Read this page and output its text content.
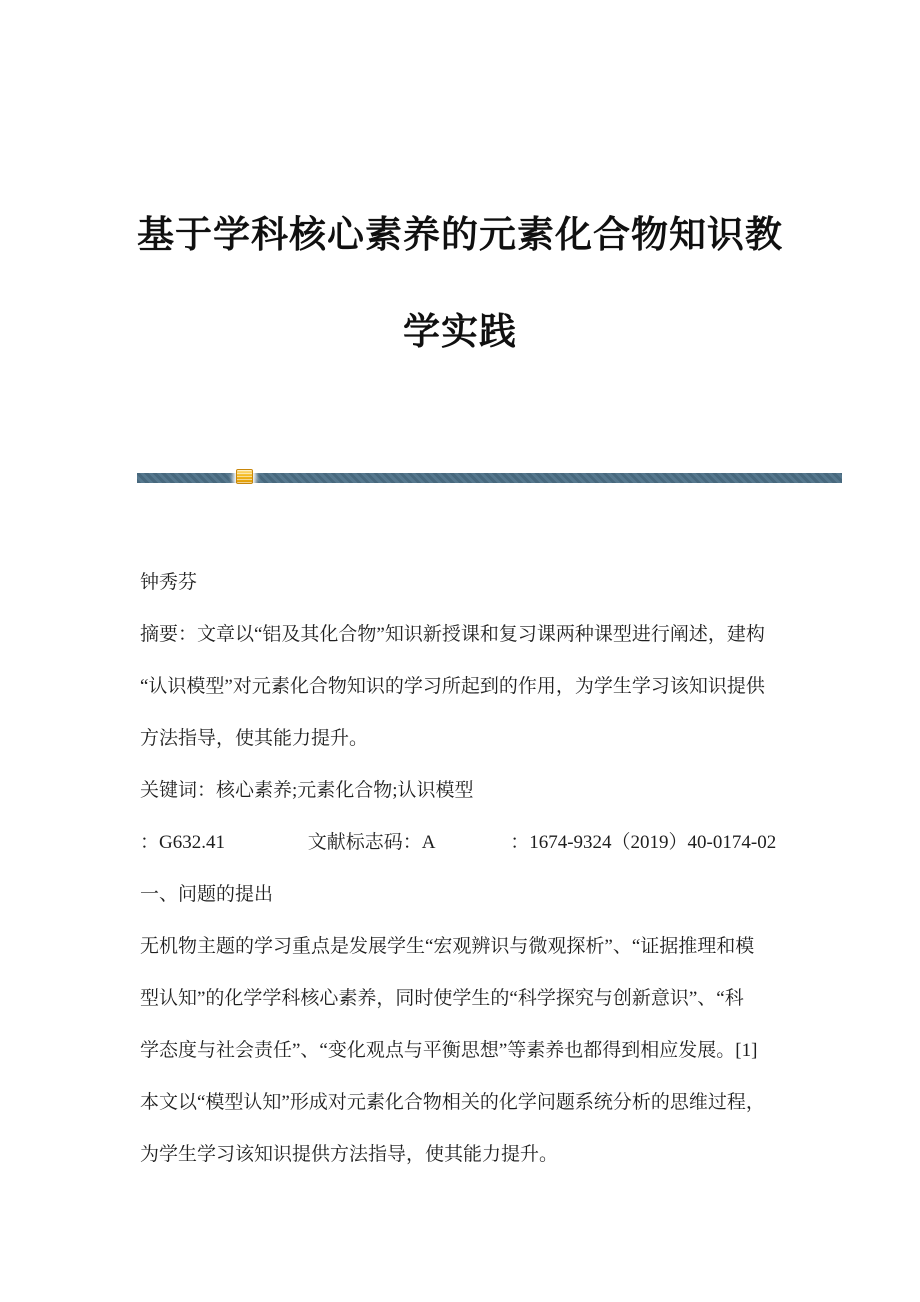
基于学科核心素养的元素化合物知识教
学实践
钟秀芬
摘要：文章以“铝及其化合物”知识新授课和复习课两种课型进行阐述，建构
“认识模型”对元素化合物知识的学习所起到的作用，为学生学习该知识提供
方法指导，使其能力提升。
关键词：核心素养;元素化合物;认识模型
：G632.41	文献标志码：A	：1674-9324（2019）40-0174-02
一、问题的提出
无机物主题的学习重点是发展学生“宏观辨识与微观探析”、“证据推理和模
型认知”的化学学科核心素养，同时使学生的“科学探究与创新意识”、“科
学态度与社会责任”、“变化观点与平衡思想”等素养也都得到相应发展。[1]
本文以“模型认知”形成对元素化合物相关的化学问题系统分析的思维过程，
为学生学习该知识提供方法指导，使其能力提升。
